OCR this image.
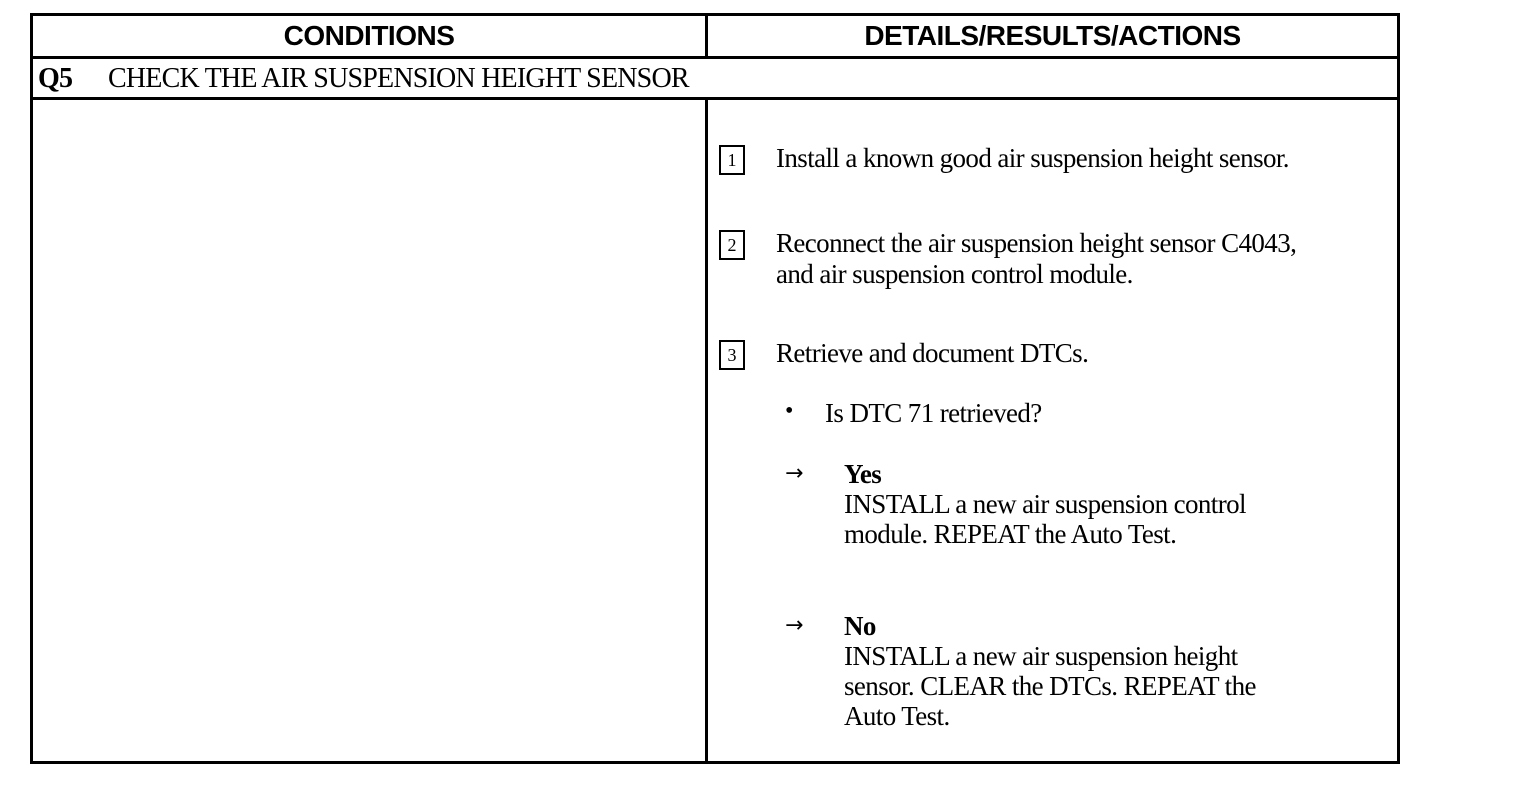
CONDITIONS	DETAILS/RESULTS/ACTIONS
Q5	CHECK THE AIR SUSPENSION HEIGHT SENSOR
1	Install a known good air suspension height sensor.
2	Reconnect the air suspension height sensor C4043,
and air suspension control module.
3	Retrieve and document DTCs.
• Is DTC 71 retrieved?
→ Yes
INSTALL a new air suspension control
module. REPEAT the Auto Test.
→ No
INSTALL a new air suspension height
sensor. CLEAR the DTCs. REPEAT the
Auto Test.
